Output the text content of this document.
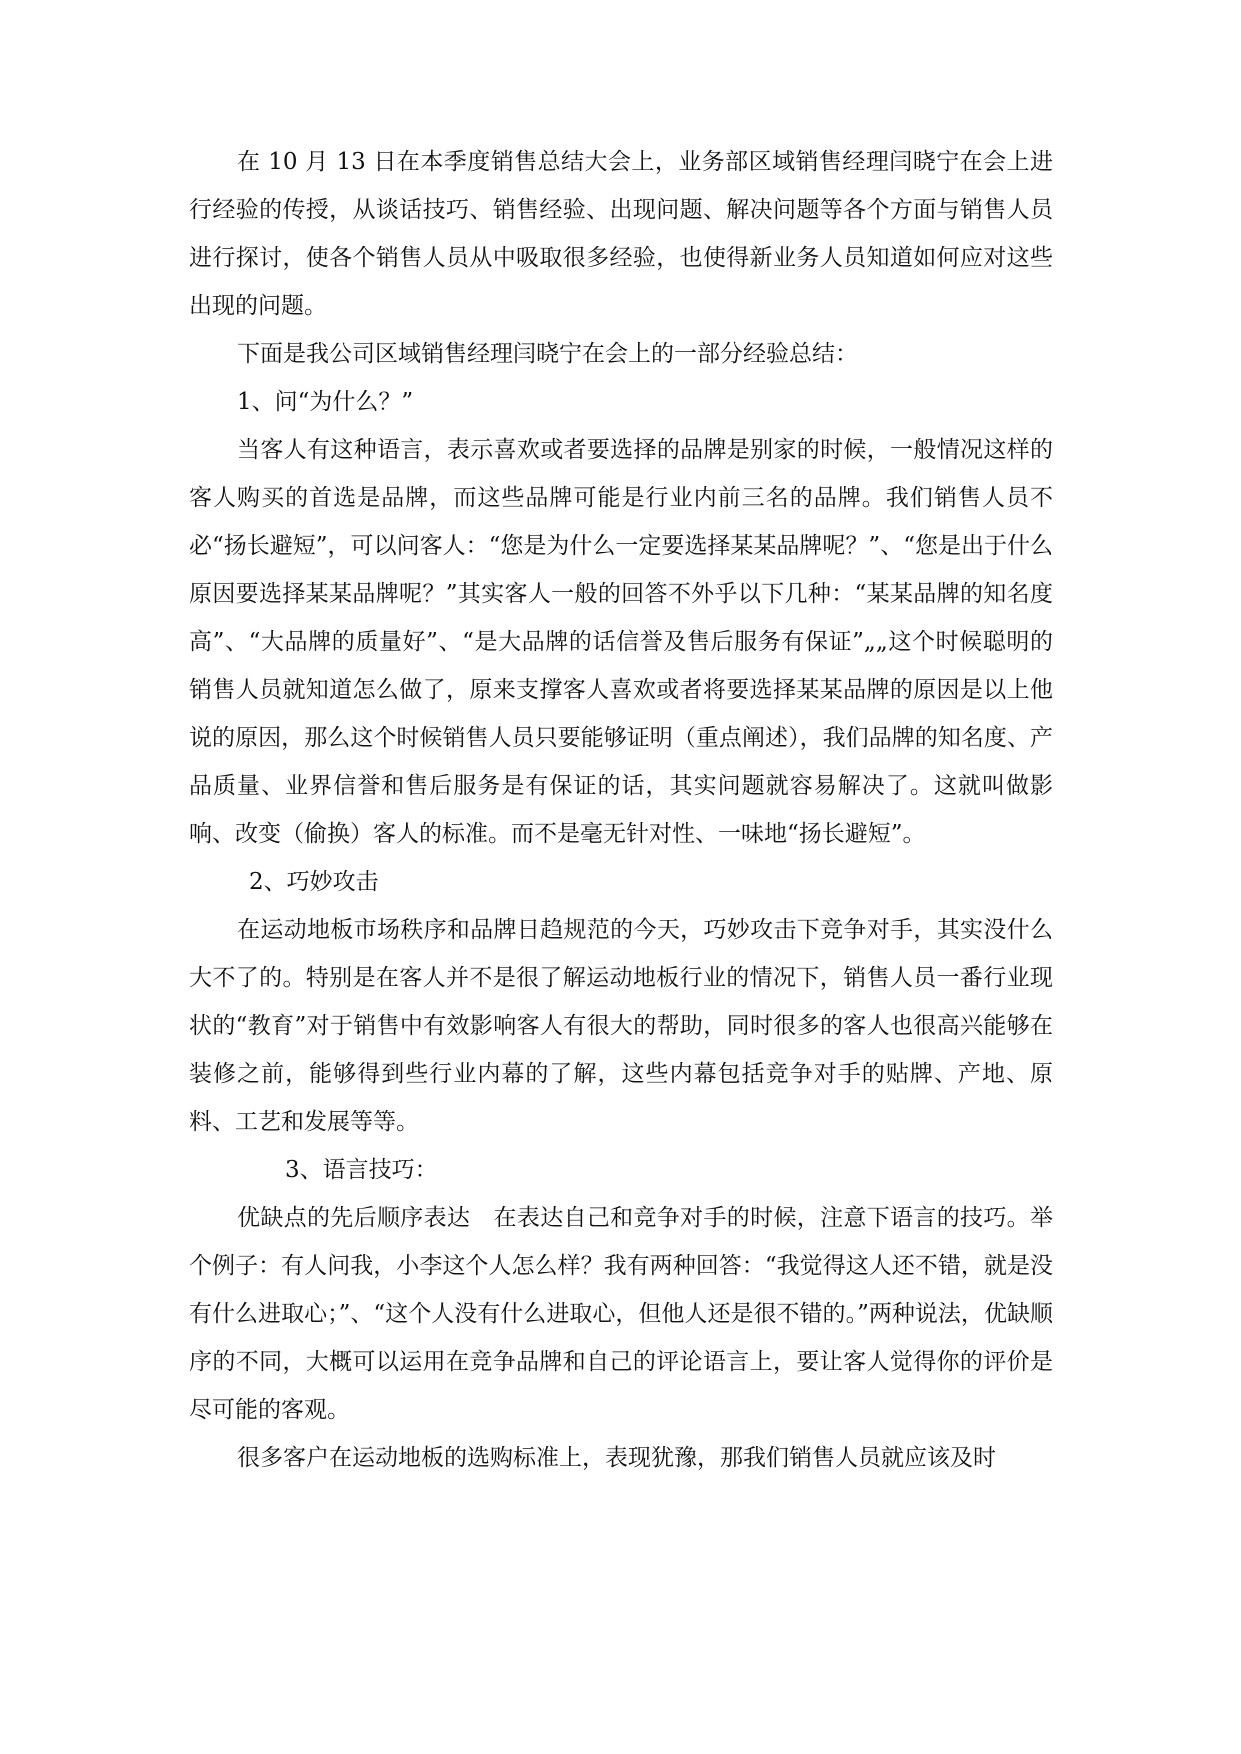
在 10 月 13 日在本季度销售总结大会上，业务部区域销售经理闫晓宁在会上进行经验的传授，从谈话技巧、销售经验、出现问题、解决问题等各个方面与销售人员进行探讨，使各个销售人员从中吸取很多经验，也使得新业务人员知道如何应对这些出现的问题。

下面是我公司区域销售经理闫晓宁在会上的一部分经验总结：

1、问“为什么？”

当客人有这种语言，表示喜欢或者要选择的品牌是别家的时候，一般情况这样的客人购买的首选是品牌，而这些品牌可能是行业内前三名的品牌。我们销售人员不必“扬长避短”，可以问客人：“您是为什么一定要选择某某品牌呢？”、“您是出于什么原因要选择某某品牌呢？”其实客人一般的回答不外乎以下几种：“某某品牌的知名度高”、“大品牌的质量好”、“是大品牌的话信誉及售后服务有保证”„„这个时候聪明的销售人员就知道怎么做了，原来支撑客人喜欢或者将要选择某某品牌的原因是以上他说的原因，那么这个时候销售人员只要能够证明（重点阐述），我们品牌的知名度、产品质量、业界信誉和售后服务是有保证的话，其实问题就容易解决了。这就叫做影响、改变（偷换）客人的标准。而不是毫无针对性、一味地“扬长避短”。

2、巧妙攻击

在运动地板市场秩序和品牌日趋规范的今天，巧妙攻击下竞争对手，其实没什么大不了的。特别是在客人并不是很了解运动地板行业的情况下，销售人员一番行业现状的“教育”对于销售中有效影响客人有很大的帮助，同时很多的客人也很高兴能够在装修之前，能够得到些行业内幕的了解，这些内幕包括竞争对手的贴牌、产地、原料、工艺和发展等等。

3、语言技巧：

优缺点的先后顺序表达　在表达自己和竞争对手的时候，注意下语言的技巧。举个例子：有人问我，小李这个人怎么样？我有两种回答：“我觉得这人还不错，就是没有什么进取心；”、“这个人没有什么进取心，但他人还是很不错的。”两种说法，优缺顺序的不同，大概可以运用在竞争品牌和自己的评论语言上，要让客人觉得你的评价是尽可能的客观。

很多客户在运动地板的选购标准上，表现犹豫，那我们销售人员就应该及时
